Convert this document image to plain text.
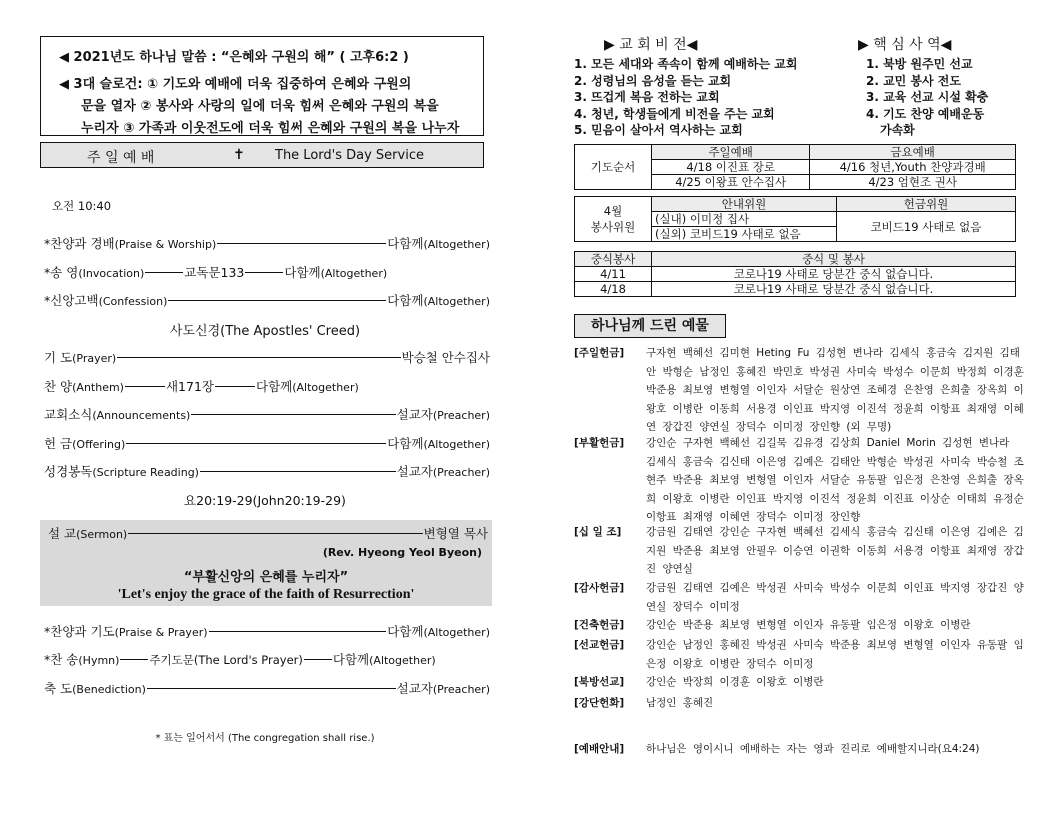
◀ 2021년도 하나님 말씀 : “은혜와 구원의 해” ( 고후6:2 )
◀ 3대 슬로건: ① 기도와 예배에 더욱 집중하여 은혜와 구원의
문을 열자 ② 봉사와 사랑의 일에 더욱 힘써 은혜와 구원의 복을
누리자 ③ 가족과 이웃전도에 더욱 힘써 은혜와 구원의 복을 나누자
주 일 예 배	✝ The Lord's Day Service
오전 10:40
*찬양과 경배 (Praise & Worship)	다함께 (Altogether)
*송 영 (Invocation)	교독문133	다함께 (Altogether)
*신앙고백 (Confession)	다함께 (Altogether)
사도신경(The Apostles' Creed)
기 도 (Prayer)	박승철 안수집사
찬 양 (Anthem)	새171장	다함께 (Altogether)
교회소식 (Announcements)	설교자 (Preacher)
헌 금 (Offering)	다함께 (Altogether)
성경봉독 (Scripture Reading)	설교자 (Preacher)
요20:19-29(John20:19-29)
설 교 (Sermon)	변형열 목사
(Rev. Hyeong Yeol Byeon)
“부활신앙의 은혜를 누리자”
'Let's enjoy the grace of the faith of Resurrection'
*찬양과 기도 (Praise & Prayer)	다함께 (Altogether)
*찬 송 (Hymn)	주기도문(The Lord's Prayer) 다함께 (Altogether)
축 도 (Benediction)	설교자 (Preacher)
* 표는 일어서서 (The congregation shall rise.)
▶ 교 회 비 전◀	▶ 핵 심 사 역◀
1. 모든 세대와 족속이 함께 예배하는 교회
2. 성령님의 음성을 듣는 교회
3. 뜨겁게 복음 전하는 교회
4. 청년, 학생들에게 비전을 주는 교회
5. 믿음이 살아서 역사하는 교회
1. 북방 원주민 선교
2. 교민 봉사 전도
3. 교육 선교 시설 확충
4. 기도 찬양 예배운동
가속화
기도순서	주일예배	금요예배
	4/18 이진표 장로	4/16 청년,Youth 찬양과경배
	4/25 이왕표 안수집사	4/23 엄현조 권사
4월
봉사위원	안내위원	헌금위원
	(실내) 이미정 집사	코비드19 사태로 없음
	(실외) 코비드19 사태로 없음	
중식봉사	중식 및 봉사
4/11	코로나19 사태로 당분간 중식 없습니다.
4/18	코로나19 사태로 당분간 중식 없습니다.
하나님께 드린 예물
[주일헌금]	구자현 백혜선 김미현 Heting Fu 김성현 변나라 김세식 홍금숙 김지원 김태안 박형순 남정인 홍혜진 박민호 박성권 사미숙 박성수 이문희 박정희 이경훈 박준용 최보영 변형열 이인자 서달순 원상연 조혜경 은찬영 은희출 장옥희 이왕호 이병란 이동희 서용경 이인표 박지영 이진석 정윤희 이항표 최재영 이혜연 장갑진 양연실 장덕수 이미정 장인향 (외 무명)
[부활헌금]	강인순 구자현 백혜선 김길묵 김유경 김상희 Daniel Morin 김성현 변나라 김세식 홍금숙 김신태 이은영 김예은 김태안 박형순 박성권 사미숙 박승철 조현주 박준용 최보영 변형열 이인자 서달순 유동팔 임은정 은찬영 은희출 장옥희 이왕호 이병란 이인표 박지영 이진석 정윤희 이진표 이상순 이태희 유정순 이항표 최재영 이혜연 장덕수 이미정 장인향
[십 일 조]	강금원 김태연 강인순 구자현 백혜선 김세식 홍금숙 김신태 이은영 김예은 김지원 박준용 최보영 안필우 이승연 이권학 이동희 서용경 이항표 최재영 장갑진 양연실
[감사헌금]	강금원 김태연 김예은 박성권 사미숙 박성수 이문희 이인표 박지영 장갑진 양연실 장덕수 이미정
[건축헌금]	강인순 박준용 최보영 변형열 이인자 유동팔 임은정 이왕호 이병란
[선교헌금]	강인순 남정인 홍혜진 박성권 사미숙 박준용 최보영 변형열 이인자 유동팔 임은정 이왕호 이병란 장덕수 이미정
[북방선교]	강인순 박장희 이경훈 이왕호 이병란
[강단헌화]	남정인 홍혜진
[예배안내]	하나님은 영이시니 예배하는 자는 영과 진리로 예배할지니라(요4:24)
